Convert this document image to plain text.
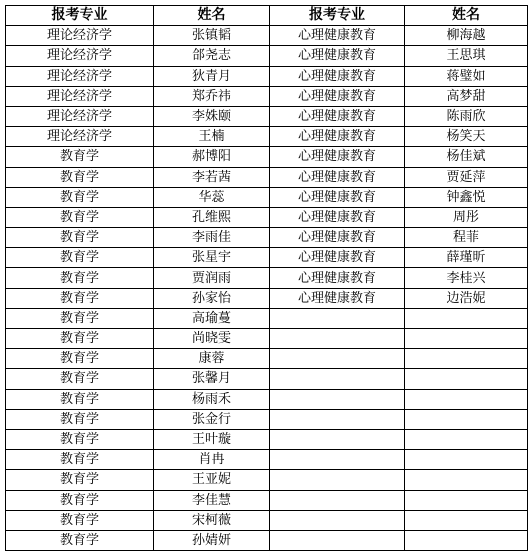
报考专业	姓名	报考专业	姓名
理论经济学	张镇韬	心理健康教育	柳海越
理论经济学	郃尧志	心理健康教育	王思琪
理论经济学	狄青月	心理健康教育	蒋璧如
理论经济学	郑乔祎	心理健康教育	高梦甜
理论经济学	李姝颐	心理健康教育	陈雨欣
理论经济学	王楠	心理健康教育	杨笑天
教育学	郝博阳	心理健康教育	杨佳斌
教育学	李若茜	心理健康教育	贾延萍
教育学	华蕊	心理健康教育	钟鑫悦
教育学	孔维熙	心理健康教育	周彤
教育学	李雨佳	心理健康教育	程菲
教育学	张星宇	心理健康教育	薛瑾昕
教育学	贾润雨	心理健康教育	李桂兴
教育学	孙家怡	心理健康教育	边浩妮
教育学	高瑜蔓		
教育学	尚晓雯		
教育学	康蓉		
教育学	张馨月		
教育学	杨雨禾		
教育学	张金行		
教育学	王叶璇		
教育学	肖冉		
教育学	王亚妮		
教育学	李佳慧		
教育学	宋柯薇		
教育学	孙婧妍		
